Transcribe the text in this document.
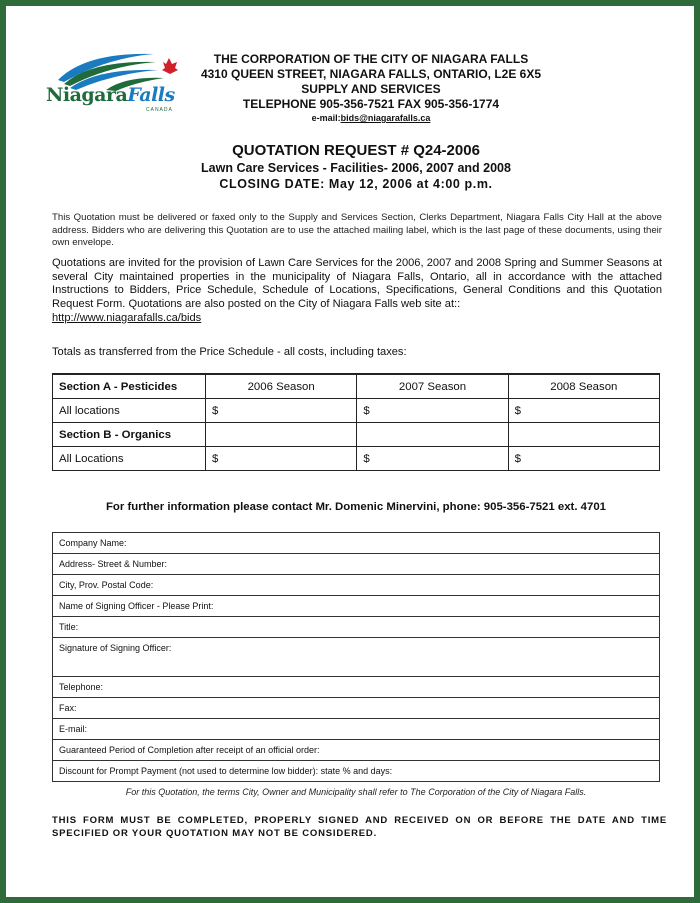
NiagaraFalls
CANADA
THE CORPORATION OF THE CITY OF NIAGARA FALLS
4310 QUEEN STREET, NIAGARA FALLS, ONTARIO, L2E 6X5
SUPPLY AND SERVICES
TELEPHONE 905-356-7521 FAX 905-356-1774
e-mail:bids@niagarafalls.ca
QUOTATION REQUEST # Q24-2006
Lawn Care Services - Facilities- 2006, 2007 and 2008
CLOSING DATE: May 12, 2006 at 4:00 p.m.
This Quotation must be delivered or faxed only to the Supply and Services Section, Clerks Department, Niagara Falls City Hall at the above address. Bidders who are delivering this Quotation are to use the attached mailing label, which is the last page of these documents, using their own envelope.
Quotations are invited for the provision of Lawn Care Services for the 2006, 2007 and 2008 Spring and Summer Seasons at several City maintained properties in the municipality of Niagara Falls, Ontario, all in accordance with the attached Instructions to Bidders, Price Schedule, Schedule of Locations, Specifications, General Conditions and this Quotation Request Form. Quotations are also posted on the City of Niagara Falls web site at::
http://www.niagarafalls.ca/bids
Totals as transferred from the Price Schedule - all costs, including taxes:
Section A - Pesticides	2006 Season	2007 Season	2008 Season
All locations	$	$	$
Section B - Organics			
All Locations	$	$	$
For further information please contact Mr. Domenic Minervini, phone: 905-356-7521 ext. 4701
Company Name:
Address- Street & Number:
City, Prov. Postal Code:
Name of Signing Officer - Please Print:
Title:
Signature of Signing Officer:
Telephone:
Fax:
E-mail:
Guaranteed Period of Completion after receipt of an official order:
Discount for Prompt Payment (not used to determine low bidder): state % and days:
For this Quotation, the terms City, Owner and Municipality shall refer to The Corporation of the City of Niagara Falls.
THIS FORM MUST BE COMPLETED, PROPERLY SIGNED AND RECEIVED ON OR BEFORE THE DATE AND TIME SPECIFIED OR YOUR QUOTATION MAY NOT BE CONSIDERED.
